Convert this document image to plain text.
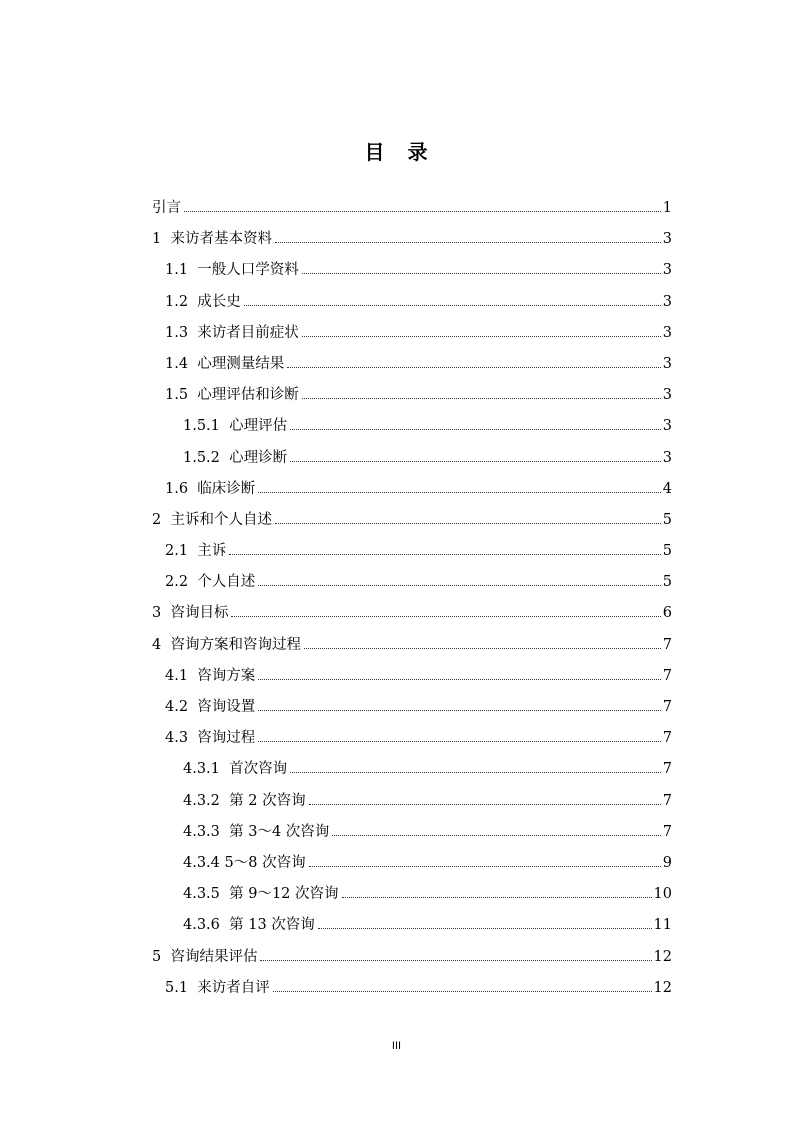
目 录
引言	1
1 来访者基本资料	3
1.1 一般人口学资料	3
1.2 成长史	3
1.3 来访者目前症状	3
1.4 心理测量结果	3
1.5 心理评估和诊断	3
1.5.1 心理评估	3
1.5.2 心理诊断	3
1.6 临床诊断	4
2 主诉和个人自述	5
2.1 主诉	5
2.2 个人自述	5
3 咨询目标	6
4 咨询方案和咨询过程	7
4.1 咨询方案	7
4.2 咨询设置	7
4.3 咨询过程	7
4.3.1 首次咨询	7
4.3.2 第 2 次咨询	7
4.3.3 第 3～4 次咨询	7
4.3.4 5～8 次咨询	9
4.3.5 第 9～12 次咨询	10
4.3.6 第 13 次咨询	11
5 咨询结果评估	12
5.1 来访者自评	12
III
